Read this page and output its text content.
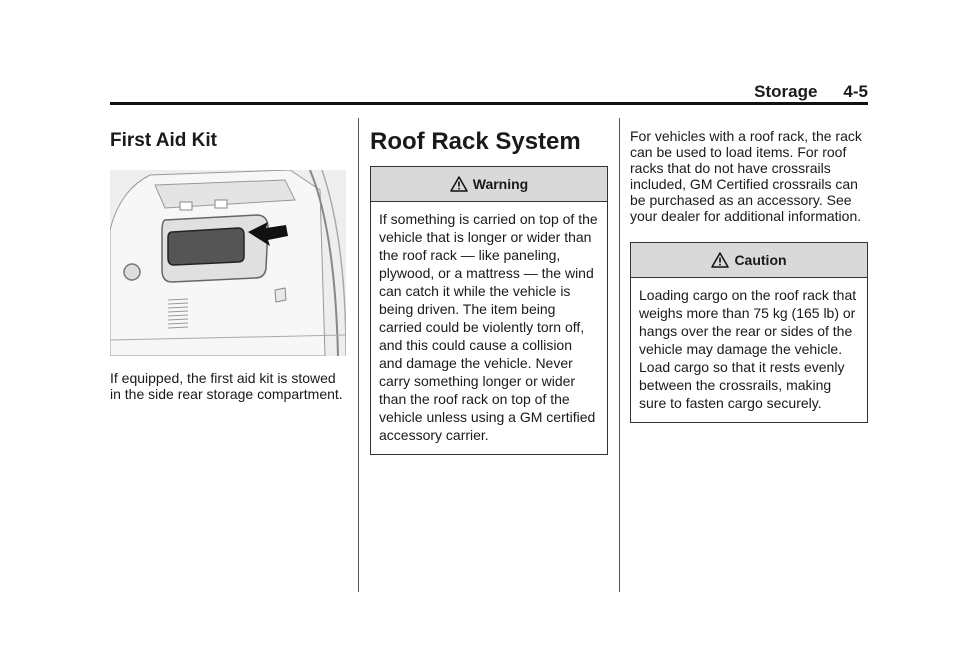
Storage 4-5
First Aid Kit

If equipped, the first aid kit is stowed in the side rear storage compartment.

Roof Rack System
Warning
If something is carried on top of the vehicle that is longer or wider than the roof rack — like paneling, plywood, or a mattress — the wind can catch it while the vehicle is being driven. The item being carried could be violently torn off, and this could cause a collision and damage the vehicle. Never carry something longer or wider than the roof rack on top of the vehicle unless using a GM certified accessory carrier.

For vehicles with a roof rack, the rack can be used to load items. For roof racks that do not have crossrails included, GM Certified crossrails can be purchased as an accessory. See your dealer for additional information.

Caution
Loading cargo on the roof rack that weighs more than 75 kg (165 lb) or hangs over the rear or sides of the vehicle may damage the vehicle. Load cargo so that it rests evenly between the crossrails, making sure to fasten cargo securely.
